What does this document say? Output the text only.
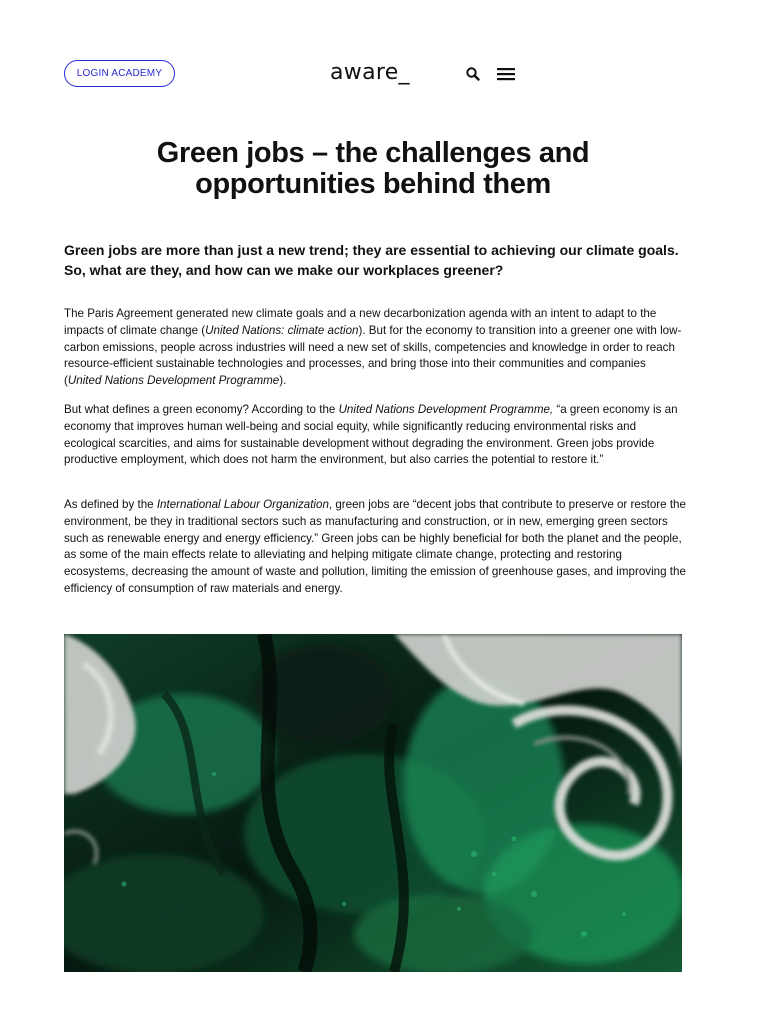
LOGIN ACADEMY	aware_
Green jobs – the challenges and opportunities behind them

Green jobs are more than just a new trend; they are essential to achieving our climate goals. So, what are they, and how can we make our workplaces greener?

The Paris Agreement generated new climate goals and a new decarbonization agenda with an intent to adapt to the impacts of climate change (United Nations: climate action). But for the economy to transition into a greener one with low-carbon emissions, people across industries will need a new set of skills, competencies and knowledge in order to reach resource-efficient sustainable technologies and processes, and bring those into their communities and companies (United Nations Development Programme).

But what defines a green economy? According to the United Nations Development Programme, “a green economy is an economy that improves human well-being and social equity, while significantly reducing environmental risks and ecological scarcities, and aims for sustainable development without degrading the environment. Green jobs provide productive employment, which does not harm the environment, but also carries the potential to restore it.”

As defined by the International Labour Organization, green jobs are “decent jobs that contribute to preserve or restore the environment, be they in traditional sectors such as manufacturing and construction, or in new, emerging green sectors such as renewable energy and energy efficiency.” Green jobs can be highly beneficial for both the planet and the people, as some of the main effects relate to alleviating and helping mitigate climate change, protecting and restoring ecosystems, decreasing the amount of waste and pollution, limiting the emission of greenhouse gases, and improving the efficiency of consumption of raw materials and energy.
